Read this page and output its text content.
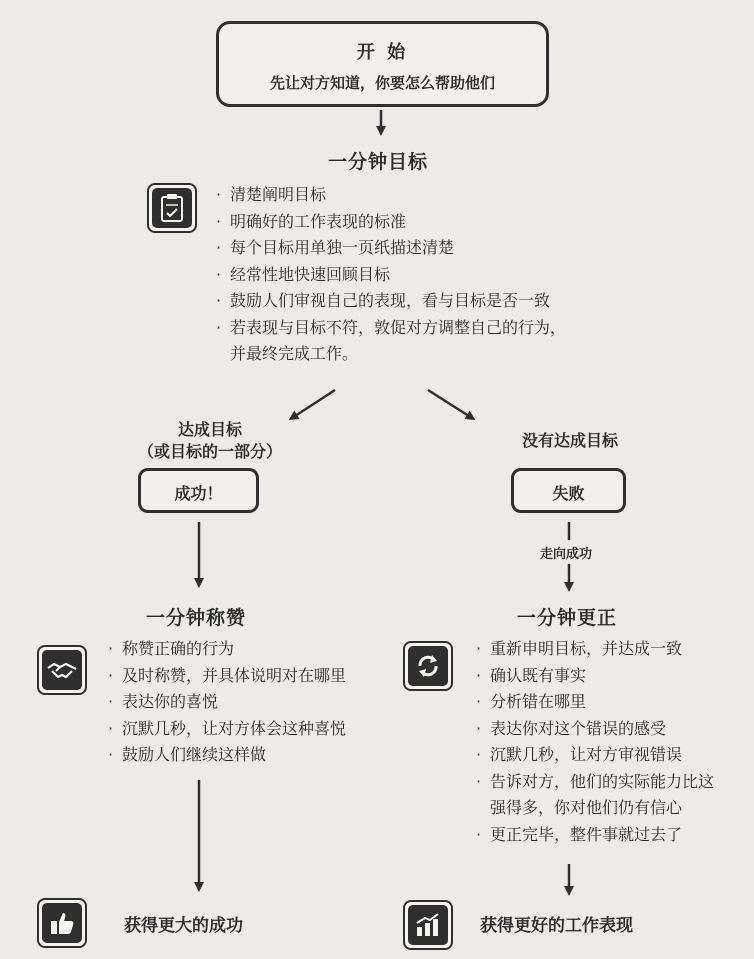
开 始
先让对方知道，你要怎么帮助他们
一分钟目标
· 清楚阐明目标
· 明确好的工作表现的标准
· 每个目标用单独一页纸描述清楚
· 经常性地快速回顾目标
· 鼓励人们审视自己的表现，看与目标是否一致
· 若表现与目标不符，敦促对方调整自己的行为，
并最终完成工作。
达成目标
（或目标的一部分）
成功！
一分钟称赞
· 称赞正确的行为
· 及时称赞，并具体说明对在哪里
· 表达你的喜悦
· 沉默几秒，让对方体会这种喜悦
· 鼓励人们继续这样做
获得更大的成功
没有达成目标
失败
走向成功
一分钟更正
· 重新申明目标，并达成一致
· 确认既有事实
· 分析错在哪里
· 表达你对这个错误的感受
· 沉默几秒，让对方审视错误
· 告诉对方，他们的实际能力比这
强得多，你对他们仍有信心
· 更正完毕，整件事就过去了
获得更好的工作表现
